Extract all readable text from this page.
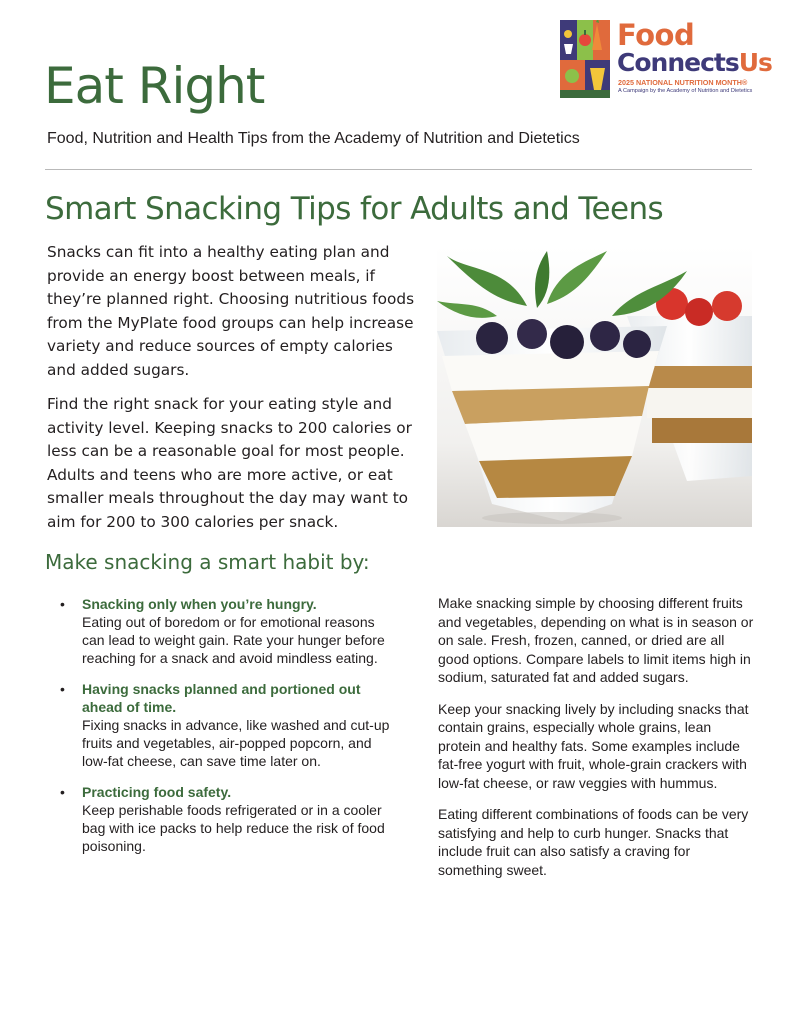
Eat Right

Food, Nutrition and Health Tips from the Academy of Nutrition and Dietetics

Food
ConnectsUs
2025 NATIONAL NUTRITION MONTH®
A Campaign by the Academy of Nutrition and Dietetics
Smart Snacking Tips for Adults and Teens

Snacks can fit into a healthy eating plan and provide an energy boost between meals, if they’re planned right. Choosing nutritious foods from the MyPlate food groups can help increase variety and reduce sources of empty calories and added sugars.

Find the right snack for your eating style and activity level. Keeping snacks to 200 calories or less can be a reasonable goal for most people. Adults and teens who are more active, or eat smaller meals throughout the day may want to aim for 200 to 300 calories per snack.

Make snacking a smart habit by:
• Snacking only when you’re hungry.
Eating out of boredom or for emotional reasons can lead to weight gain. Rate your hunger before reaching for a snack and avoid mindless eating.
• Having snacks planned and portioned out ahead of time.
Fixing snacks in advance, like washed and cut-up fruits and vegetables, air-popped popcorn, and low-fat cheese, can save time later on.
• Practicing food safety.
Keep perishable foods refrigerated or in a cooler bag with ice packs to help reduce the risk of food poisoning.

Make snacking simple by choosing different fruits and vegetables, depending on what is in season or on sale. Fresh, frozen, canned, or dried are all good options. Compare labels to limit items high in sodium, saturated fat and added sugars.

Keep your snacking lively by including snacks that contain grains, especially whole grains, lean protein and healthy fats. Some examples include fat-free yogurt with fruit, whole-grain crackers with low-fat cheese, or raw veggies with hummus.

Eating different combinations of foods can be very satisfying and help to curb hunger. Snacks that include fruit can also satisfy a craving for something sweet.
